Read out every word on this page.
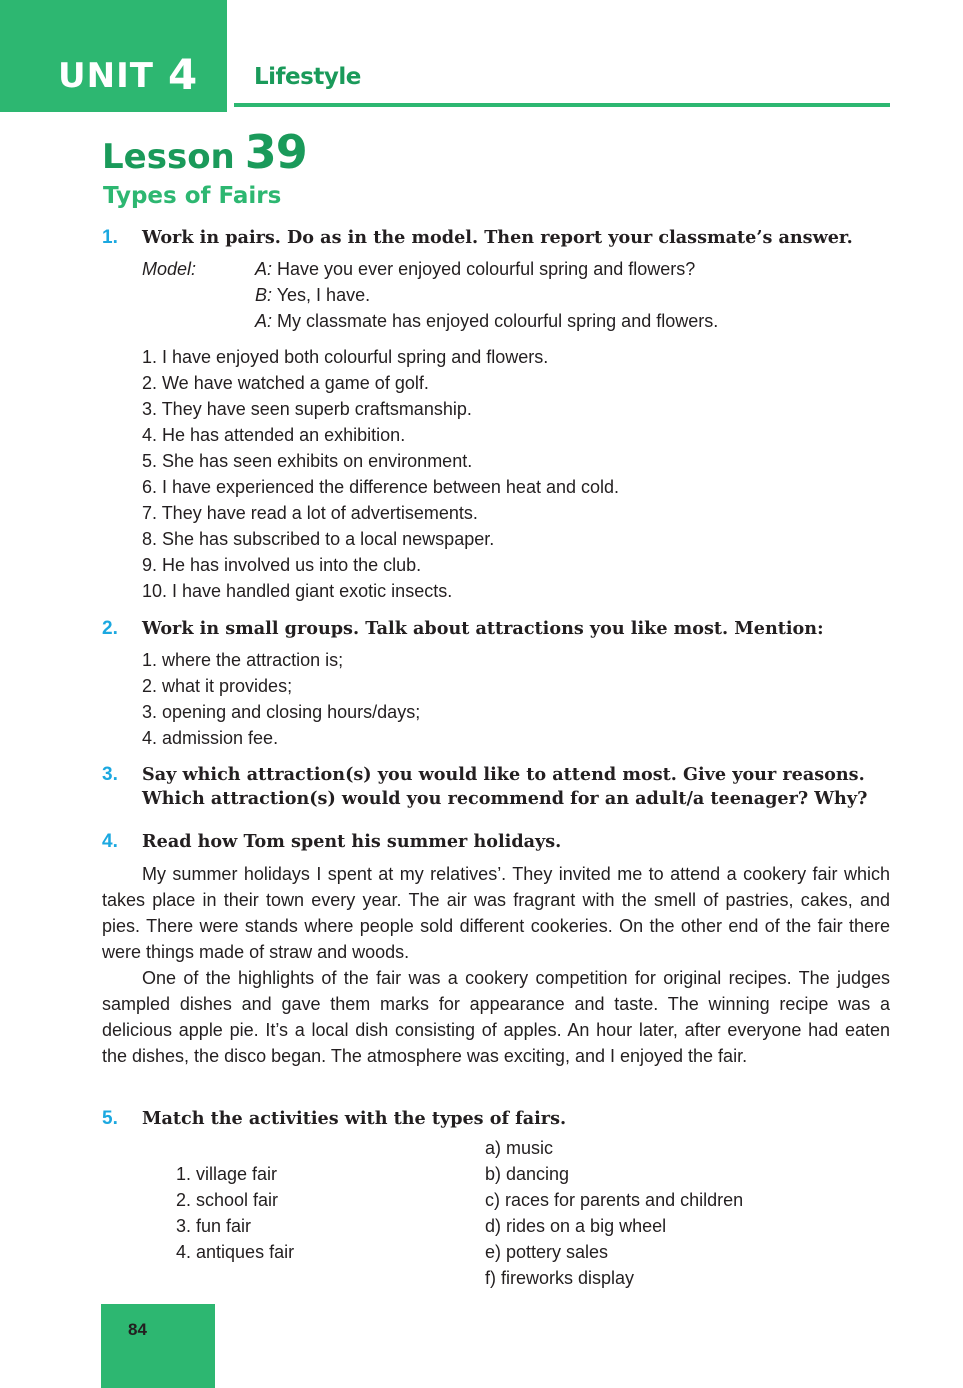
UNIT 4 Lifestyle
Lesson 39
Types of Fairs
1. Work in pairs. Do as in the model. Then report your classmate’s answer.
Model:	A: Have you ever enjoyed colourful spring and flowers?
B: Yes, I have.
A: My classmate has enjoyed colourful spring and flowers.
1. I have enjoyed both colourful spring and flowers.
2. We have watched a game of golf.
3. They have seen superb craftsmanship.
4. He has attended an exhibition.
5. She has seen exhibits on environment.
6. I have experienced the difference between heat and cold.
7. They have read a lot of advertisements.
8. She has subscribed to a local newspaper.
9. He has involved us into the club.
10. I have handled giant exotic insects.
2. Work in small groups. Talk about attractions you like most. Mention:
1. where the attraction is;
2. what it provides;
3. opening and closing hours/days;
4. admission fee.
3. Say which attraction(s) you would like to attend most. Give your reasons.
Which attraction(s) would you recommend for an adult/a teenager? Why?
4. Read how Tom spent his summer holidays.

My summer holidays I spent at my relatives’. They invited me to attend a cookery fair which takes place in their town every year. The air was fragrant with the smell of pastries, cakes, and pies. There were stands where people sold different cookeries. On the other end of the fair there were things made of straw and woods.

One of the highlights of the fair was a cookery competition for original recipes. The judges sampled dishes and gave them marks for appearance and taste. The winning recipe was a delicious apple pie. It’s a local dish consisting of apples. An hour later, after everyone had eaten the dishes, the disco began. The atmosphere was exciting, and I enjoyed the fair.

5. Match the activities with the types of fairs.
1. village fair
2. school fair
3. fun fair
4. antiques fair
a) music
b) dancing
c) races for parents and children
d) rides on a big wheel
e) pottery sales
f) fireworks display
84
